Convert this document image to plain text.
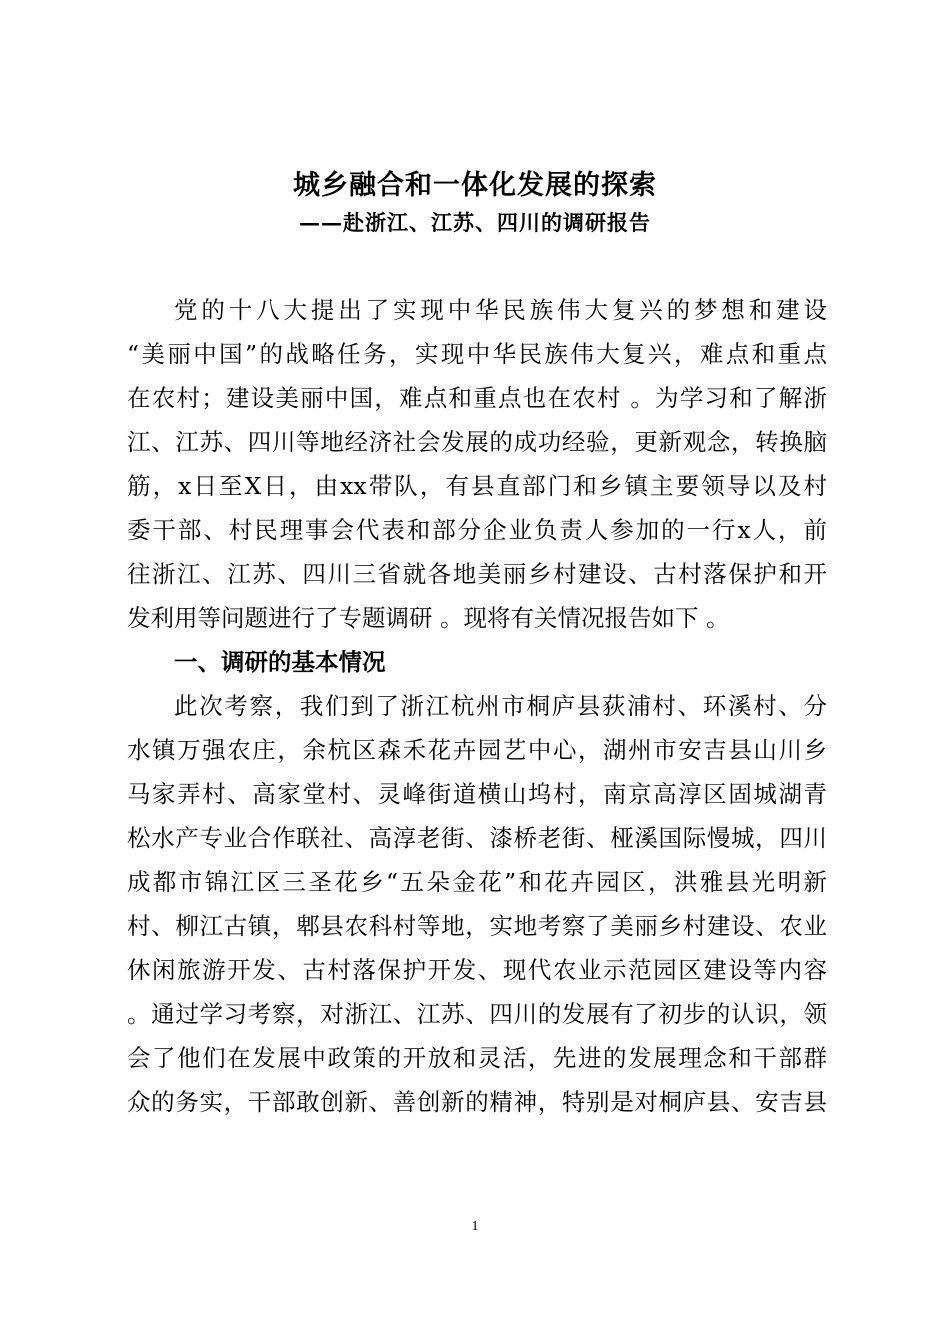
城乡融合和一体化发展的探索
——赴浙江、江苏、四川的调研报告
党的十八大提出了实现中华民族伟大复兴的梦想和建设
“美丽中国”的战略任务，实现中华民族伟大复兴，难点和重点
在农村；建设美丽中国，难点和重点也在农村 。为学习和了解浙
江、江苏、四川等地经济社会发展的成功经验，更新观念，转换脑
筋，x日至X日，由xx带队，有县直部门和乡镇主要领导以及村
委干部、村民理事会代表和部分企业负责人参加的一行x人，前
往浙江、江苏、四川三省就各地美丽乡村建设、古村落保护和开
发利用等问题进行了专题调研 。现将有关情况报告如下 。
一、调研的基本情况
此次考察，我们到了浙江杭州市桐庐县荻浦村、环溪村、分
水镇万强农庄，余杭区森禾花卉园艺中心，湖州市安吉县山川乡
马家弄村、高家堂村、灵峰街道横山坞村，南京高淳区固城湖青
松水产专业合作联社、高淳老街、漆桥老街、桠溪国际慢城，四川
成都市锦江区三圣花乡“五朵金花”和花卉园区，洪雅县光明新
村、柳江古镇，郫县农科村等地，实地考察了美丽乡村建设、农业
休闲旅游开发、古村落保护开发、现代农业示范园区建设等内容
。通过学习考察，对浙江、江苏、四川的发展有了初步的认识，领
会了他们在发展中政策的开放和灵活，先进的发展理念和干部群
众的务实，干部敢创新、善创新的精神，特别是对桐庐县、安吉县
1
